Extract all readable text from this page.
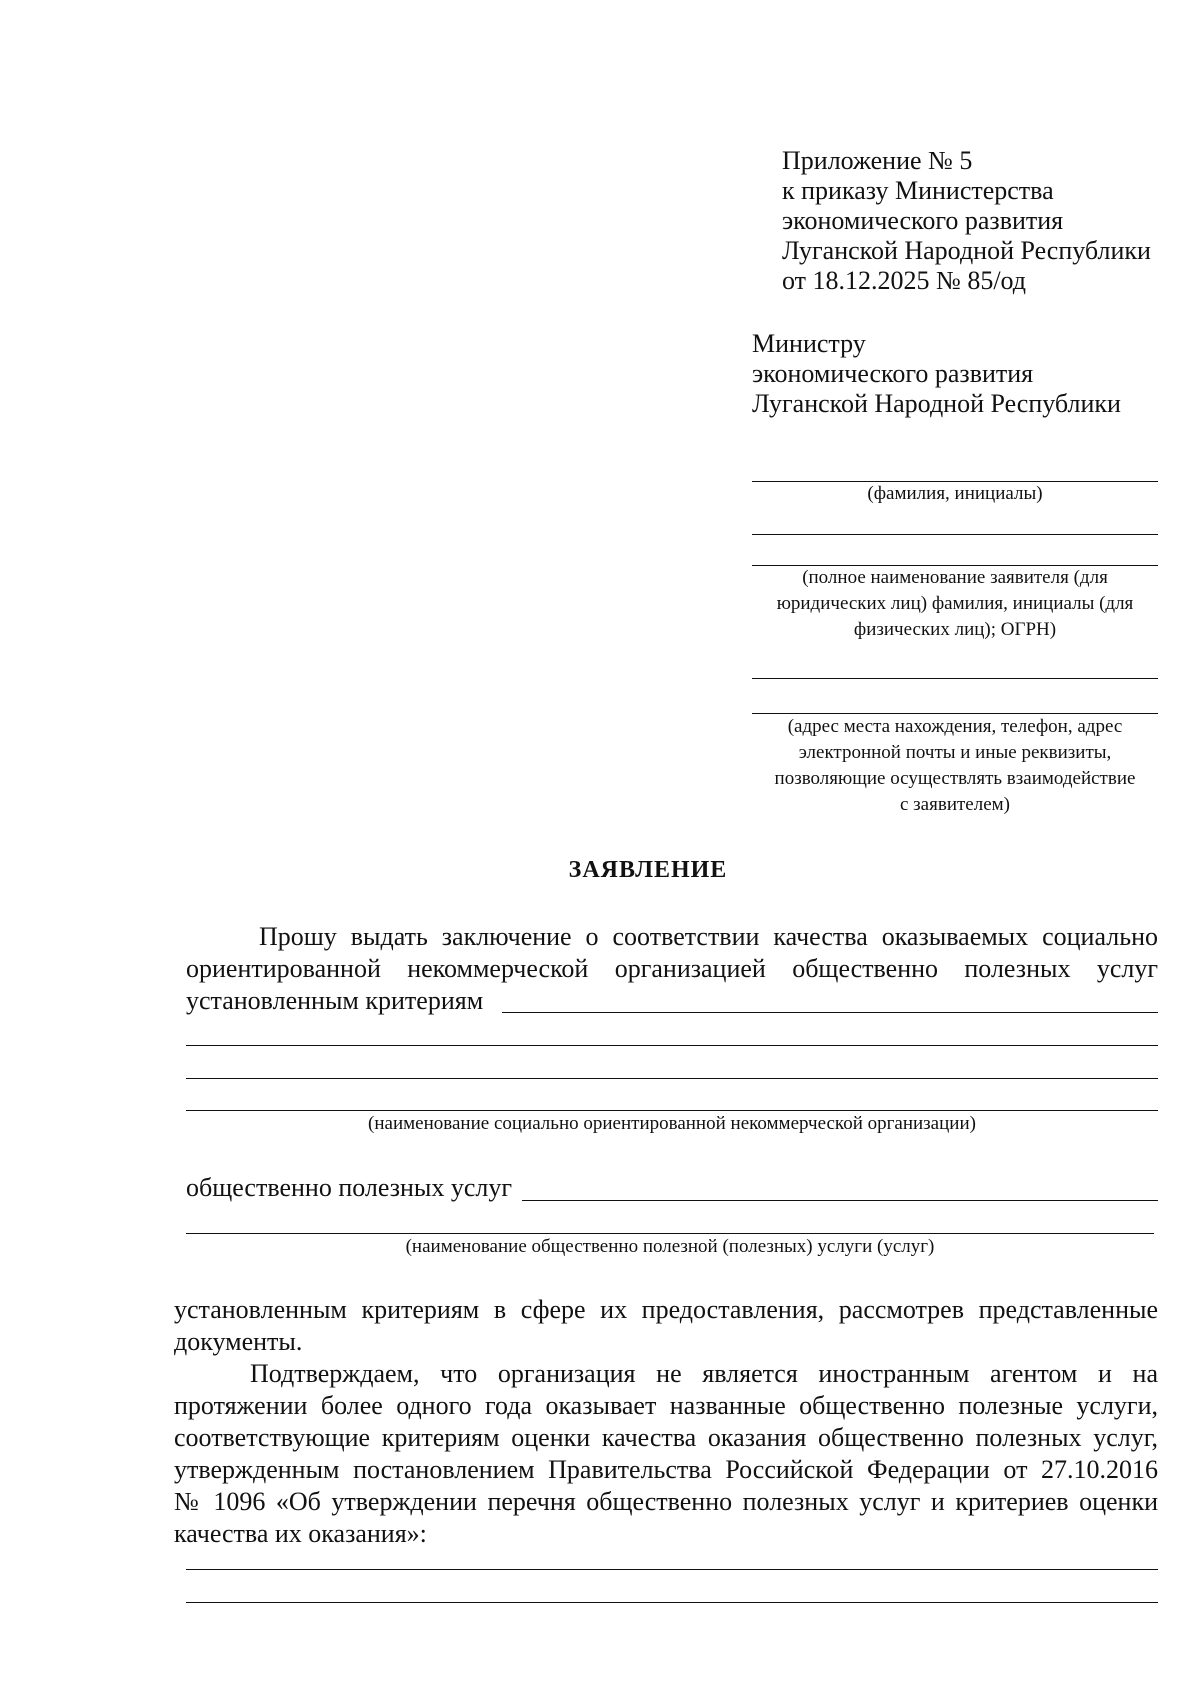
Приложение № 5
к приказу Министерства
экономического развития
Луганской Народной Республики
от 18.12.2025 № 85/од
Министру
экономического развития
Луганской Народной Республики
(фамилия, инициалы)
(полное наименование заявителя (для
юридических лиц) фамилия, инициалы (для
физических лиц); ОГРН)
(адрес места нахождения, телефон, адрес
электронной почты и иные реквизиты,
позволяющие осуществлять взаимодействие
с заявителем)
ЗАЯВЛЕНИЕ
Прошу выдать заключение о соответствии качества оказываемых социально
ориентированной некоммерческой организацией общественно полезных услуг
установленным критериям
(наименование социально ориентированной некоммерческой организации)
общественно полезных услуг
(наименование общественно полезной (полезных) услуги (услуг)
установленным критериям в сфере их предоставления, рассмотрев представленные
документы.
Подтверждаем, что организация не является иностранным агентом и на
протяжении более одного года оказывает названные общественно полезные услуги,
соответствующие критериям оценки качества оказания общественно полезных услуг,
утвержденным постановлением Правительства Российской Федерации от 27.10.2016
№ 1096 «Об утверждении перечня общественно полезных услуг и критериев оценки
качества их оказания»:
